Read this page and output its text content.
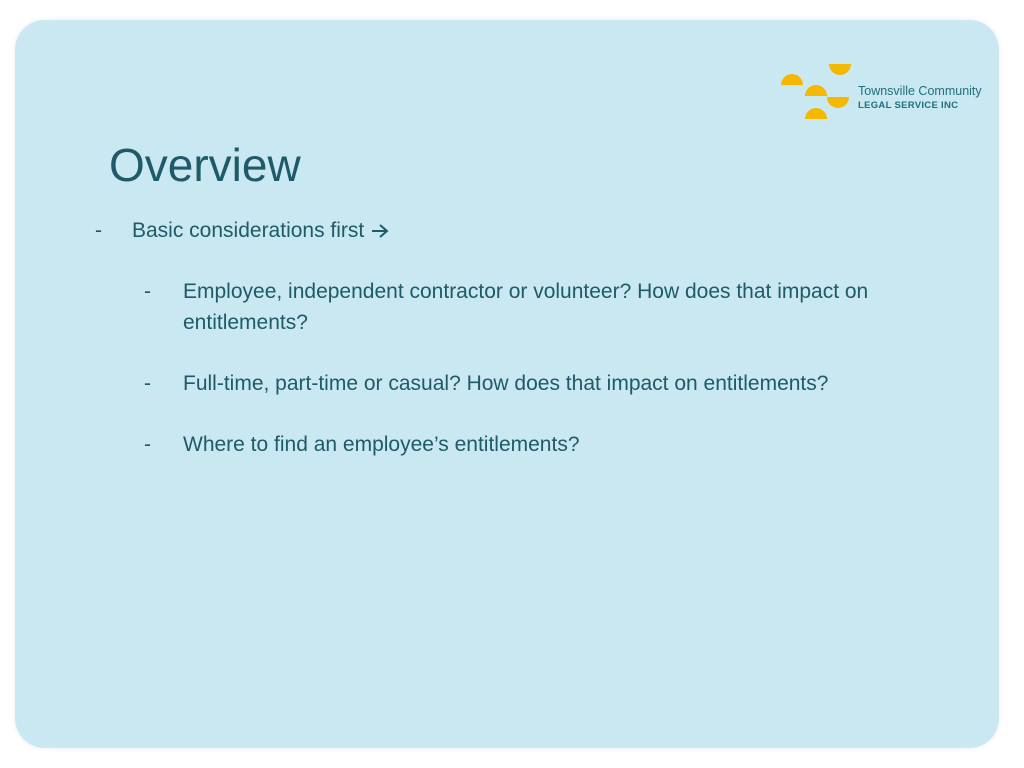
Townsville Community
LEGAL SERVICE INC
Overview
- Basic considerations first
- Employee, independent contractor or volunteer? How does that impact on entitlements?
- Full-time, part-time or casual? How does that impact on entitlements?
- Where to find an employee’s entitlements?
